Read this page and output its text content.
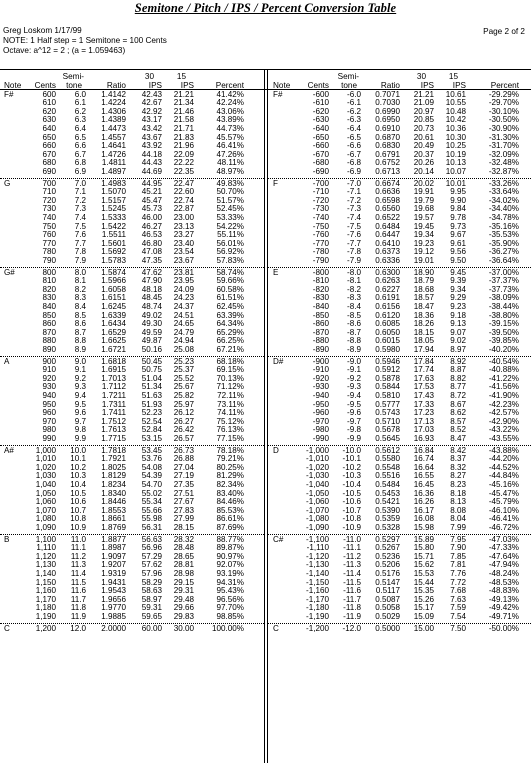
Semitone / Pitch / IPS / Percent Conversion Table
Greg Loskom 1/17/99
NOTE: 1 Half step = 1 Semitone = 100 Cents
Octave: a^12 = 2 ; (a = 1.059463)
Page 2 of 2
Semi-	30	15
Note	Cents	tone	Ratio	IPS	IPS	Percent
Semi-	30	15
Note	Cents	tone	Ratio	IPS	IPS	Percent
F#	600	6.0	1.4142	42.43	21.21	41.42%
610	6.1	1.4224	42.67	21.34	42.24%
620	6.2	1.4306	42.92	21.46	43.06%
630	6.3	1.4389	43.17	21.58	43.89%
640	6.4	1.4473	43.42	21.71	44.73%
650	6.5	1.4557	43.67	21.83	45.57%
660	6.6	1.4641	43.92	21.96	46.41%
670	6.7	1.4726	44.18	22.09	47.26%
680	6.8	1.4811	44.43	22.22	48.11%
690	6.9	1.4897	44.69	22.35	48.97%
G	700	7.0	1.4983	44.95	22.47	49.83%
710	7.1	1.5070	45.21	22.60	50.70%
720	7.2	1.5157	45.47	22.74	51.57%
730	7.3	1.5245	45.73	22.87	52.45%
740	7.4	1.5333	46.00	23.00	53.33%
750	7.5	1.5422	46.27	23.13	54.22%
760	7.6	1.5511	46.53	23.27	55.11%
770	7.7	1.5601	46.80	23.40	56.01%
780	7.8	1.5692	47.08	23.54	56.92%
790	7.9	1.5783	47.35	23.67	57.83%
G#	800	8.0	1.5874	47.62	23.81	58.74%
810	8.1	1.5966	47.90	23.95	59.66%
820	8.2	1.6058	48.18	24.09	60.58%
830	8.3	1.6151	48.45	24.23	61.51%
840	8.4	1.6245	48.74	24.37	62.45%
850	8.5	1.6339	49.02	24.51	63.39%
860	8.6	1.6434	49.30	24.65	64.34%
870	8.7	1.6529	49.59	24.79	65.29%
880	8.8	1.6625	49.87	24.94	66.25%
890	8.9	1.6721	50.16	25.08	67.21%
A	900	9.0	1.6818	50.45	25.23	68.18%
910	9.1	1.6915	50.75	25.37	69.15%
920	9.2	1.7013	51.04	25.52	70.13%
930	9.3	1.7112	51.34	25.67	71.12%
940	9.4	1.7211	51.63	25.82	72.11%
950	9.5	1.7311	51.93	25.97	73.11%
960	9.6	1.7411	52.23	26.12	74.11%
970	9.7	1.7512	52.54	26.27	75.12%
980	9.8	1.7613	52.84	26.42	76.13%
990	9.9	1.7715	53.15	26.57	77.15%
A#	1,000	10.0	1.7818	53.45	26.73	78.18%
1,010	10.1	1.7921	53.76	26.88	79.21%
1,020	10.2	1.8025	54.08	27.04	80.25%
1,030	10.3	1.8129	54.39	27.19	81.29%
1,040	10.4	1.8234	54.70	27.35	82.34%
1,050	10.5	1.8340	55.02	27.51	83.40%
1,060	10.6	1.8446	55.34	27.67	84.46%
1,070	10.7	1.8553	55.66	27.83	85.53%
1,080	10.8	1.8661	55.98	27.99	86.61%
1,090	10.9	1.8769	56.31	28.15	87.69%
B	1,100	11.0	1.8877	56.63	28.32	88.77%
1,110	11.1	1.8987	56.96	28.48	89.87%
1,120	11.2	1.9097	57.29	28.65	90.97%
1,130	11.3	1.9207	57.62	28.81	92.07%
1,140	11.4	1.9319	57.96	28.98	93.19%
1,150	11.5	1.9431	58.29	29.15	94.31%
1,160	11.6	1.9543	58.63	29.31	95.43%
1,170	11.7	1.9656	58.97	29.48	96.56%
1,180	11.8	1.9770	59.31	29.66	97.70%
1,190	11.9	1.9885	59.65	29.83	98.85%
C	1,200	12.0	2.0000	60.00	30.00	100.00%
F#	-600	-6.0	0.7071	21.21	10.61	-29.29%
-610	-6.1	0.7030	21.09	10.55	-29.70%
-620	-6.2	0.6990	20.97	10.48	-30.10%
-630	-6.3	0.6950	20.85	10.42	-30.50%
-640	-6.4	0.6910	20.73	10.36	-30.90%
-650	-6.5	0.6870	20.61	10.30	-31.30%
-660	-6.6	0.6830	20.49	10.25	-31.70%
-670	-6.7	0.6791	20.37	10.19	-32.09%
-680	-6.8	0.6752	20.26	10.13	-32.48%
-690	-6.9	0.6713	20.14	10.07	-32.87%
F	-700	-7.0	0.6674	20.02	10.01	-33.26%
-710	-7.1	0.6636	19.91	9.95	-33.64%
-720	-7.2	0.6598	19.79	9.90	-34.02%
-730	-7.3	0.6560	19.68	9.84	-34.40%
-740	-7.4	0.6522	19.57	9.78	-34.78%
-750	-7.5	0.6484	19.45	9.73	-35.16%
-760	-7.6	0.6447	19.34	9.67	-35.53%
-770	-7.7	0.6410	19.23	9.61	-35.90%
-780	-7.8	0.6373	19.12	9.56	-36.27%
-790	-7.9	0.6336	19.01	9.50	-36.64%
E	-800	-8.0	0.6300	18.90	9.45	-37.00%
-810	-8.1	0.6263	18.79	9.39	-37.37%
-820	-8.2	0.6227	18.68	9.34	-37.73%
-830	-8.3	0.6191	18.57	9.29	-38.09%
-840	-8.4	0.6156	18.47	9.23	-38.44%
-850	-8.5	0.6120	18.36	9.18	-38.80%
-860	-8.6	0.6085	18.26	9.13	-39.15%
-870	-8.7	0.6050	18.15	9.07	-39.50%
-880	-8.8	0.6015	18.05	9.02	-39.85%
-890	-8.9	0.5980	17.94	8.97	-40.20%
D#	-900	-9.0	0.5946	17.84	8.92	-40.54%
-910	-9.1	0.5912	17.74	8.87	-40.88%
-920	-9.2	0.5878	17.63	8.82	-41.22%
-930	-9.3	0.5844	17.53	8.77	-41.56%
-940	-9.4	0.5810	17.43	8.72	-41.90%
-950	-9.5	0.5777	17.33	8.67	-42.23%
-960	-9.6	0.5743	17.23	8.62	-42.57%
-970	-9.7	0.5710	17.13	8.57	-42.90%
-980	-9.8	0.5678	17.03	8.52	-43.22%
-990	-9.9	0.5645	16.93	8.47	-43.55%
D	-1,000	-10.0	0.5612	16.84	8.42	-43.88%
-1,010	-10.1	0.5580	16.74	8.37	-44.20%
-1,020	-10.2	0.5548	16.64	8.32	-44.52%
-1,030	-10.3	0.5516	16.55	8.27	-44.84%
-1,040	-10.4	0.5484	16.45	8.23	-45.16%
-1,050	-10.5	0.5453	16.36	8.18	-45.47%
-1,060	-10.6	0.5421	16.26	8.13	-45.79%
-1,070	-10.7	0.5390	16.17	8.08	-46.10%
-1,080	-10.8	0.5359	16.08	8.04	-46.41%
-1,090	-10.9	0.5328	15.98	7.99	-46.72%
C#	-1,100	-11.0	0.5297	15.89	7.95	-47.03%
-1,110	-11.1	0.5267	15.80	7.90	-47.33%
-1,120	-11.2	0.5236	15.71	7.85	-47.64%
-1,130	-11.3	0.5206	15.62	7.81	-47.94%
-1,140	-11.4	0.5176	15.53	7.76	-48.24%
-1,150	-11.5	0.5147	15.44	7.72	-48.53%
-1,160	-11.6	0.5117	15.35	7.68	-48.83%
-1,170	-11.7	0.5087	15.26	7.63	-49.13%
-1,180	-11.8	0.5058	15.17	7.59	-49.42%
-1,190	-11.9	0.5029	15.09	7.54	-49.71%
C	-1,200	-12.0	0.5000	15.00	7.50	-50.00%
